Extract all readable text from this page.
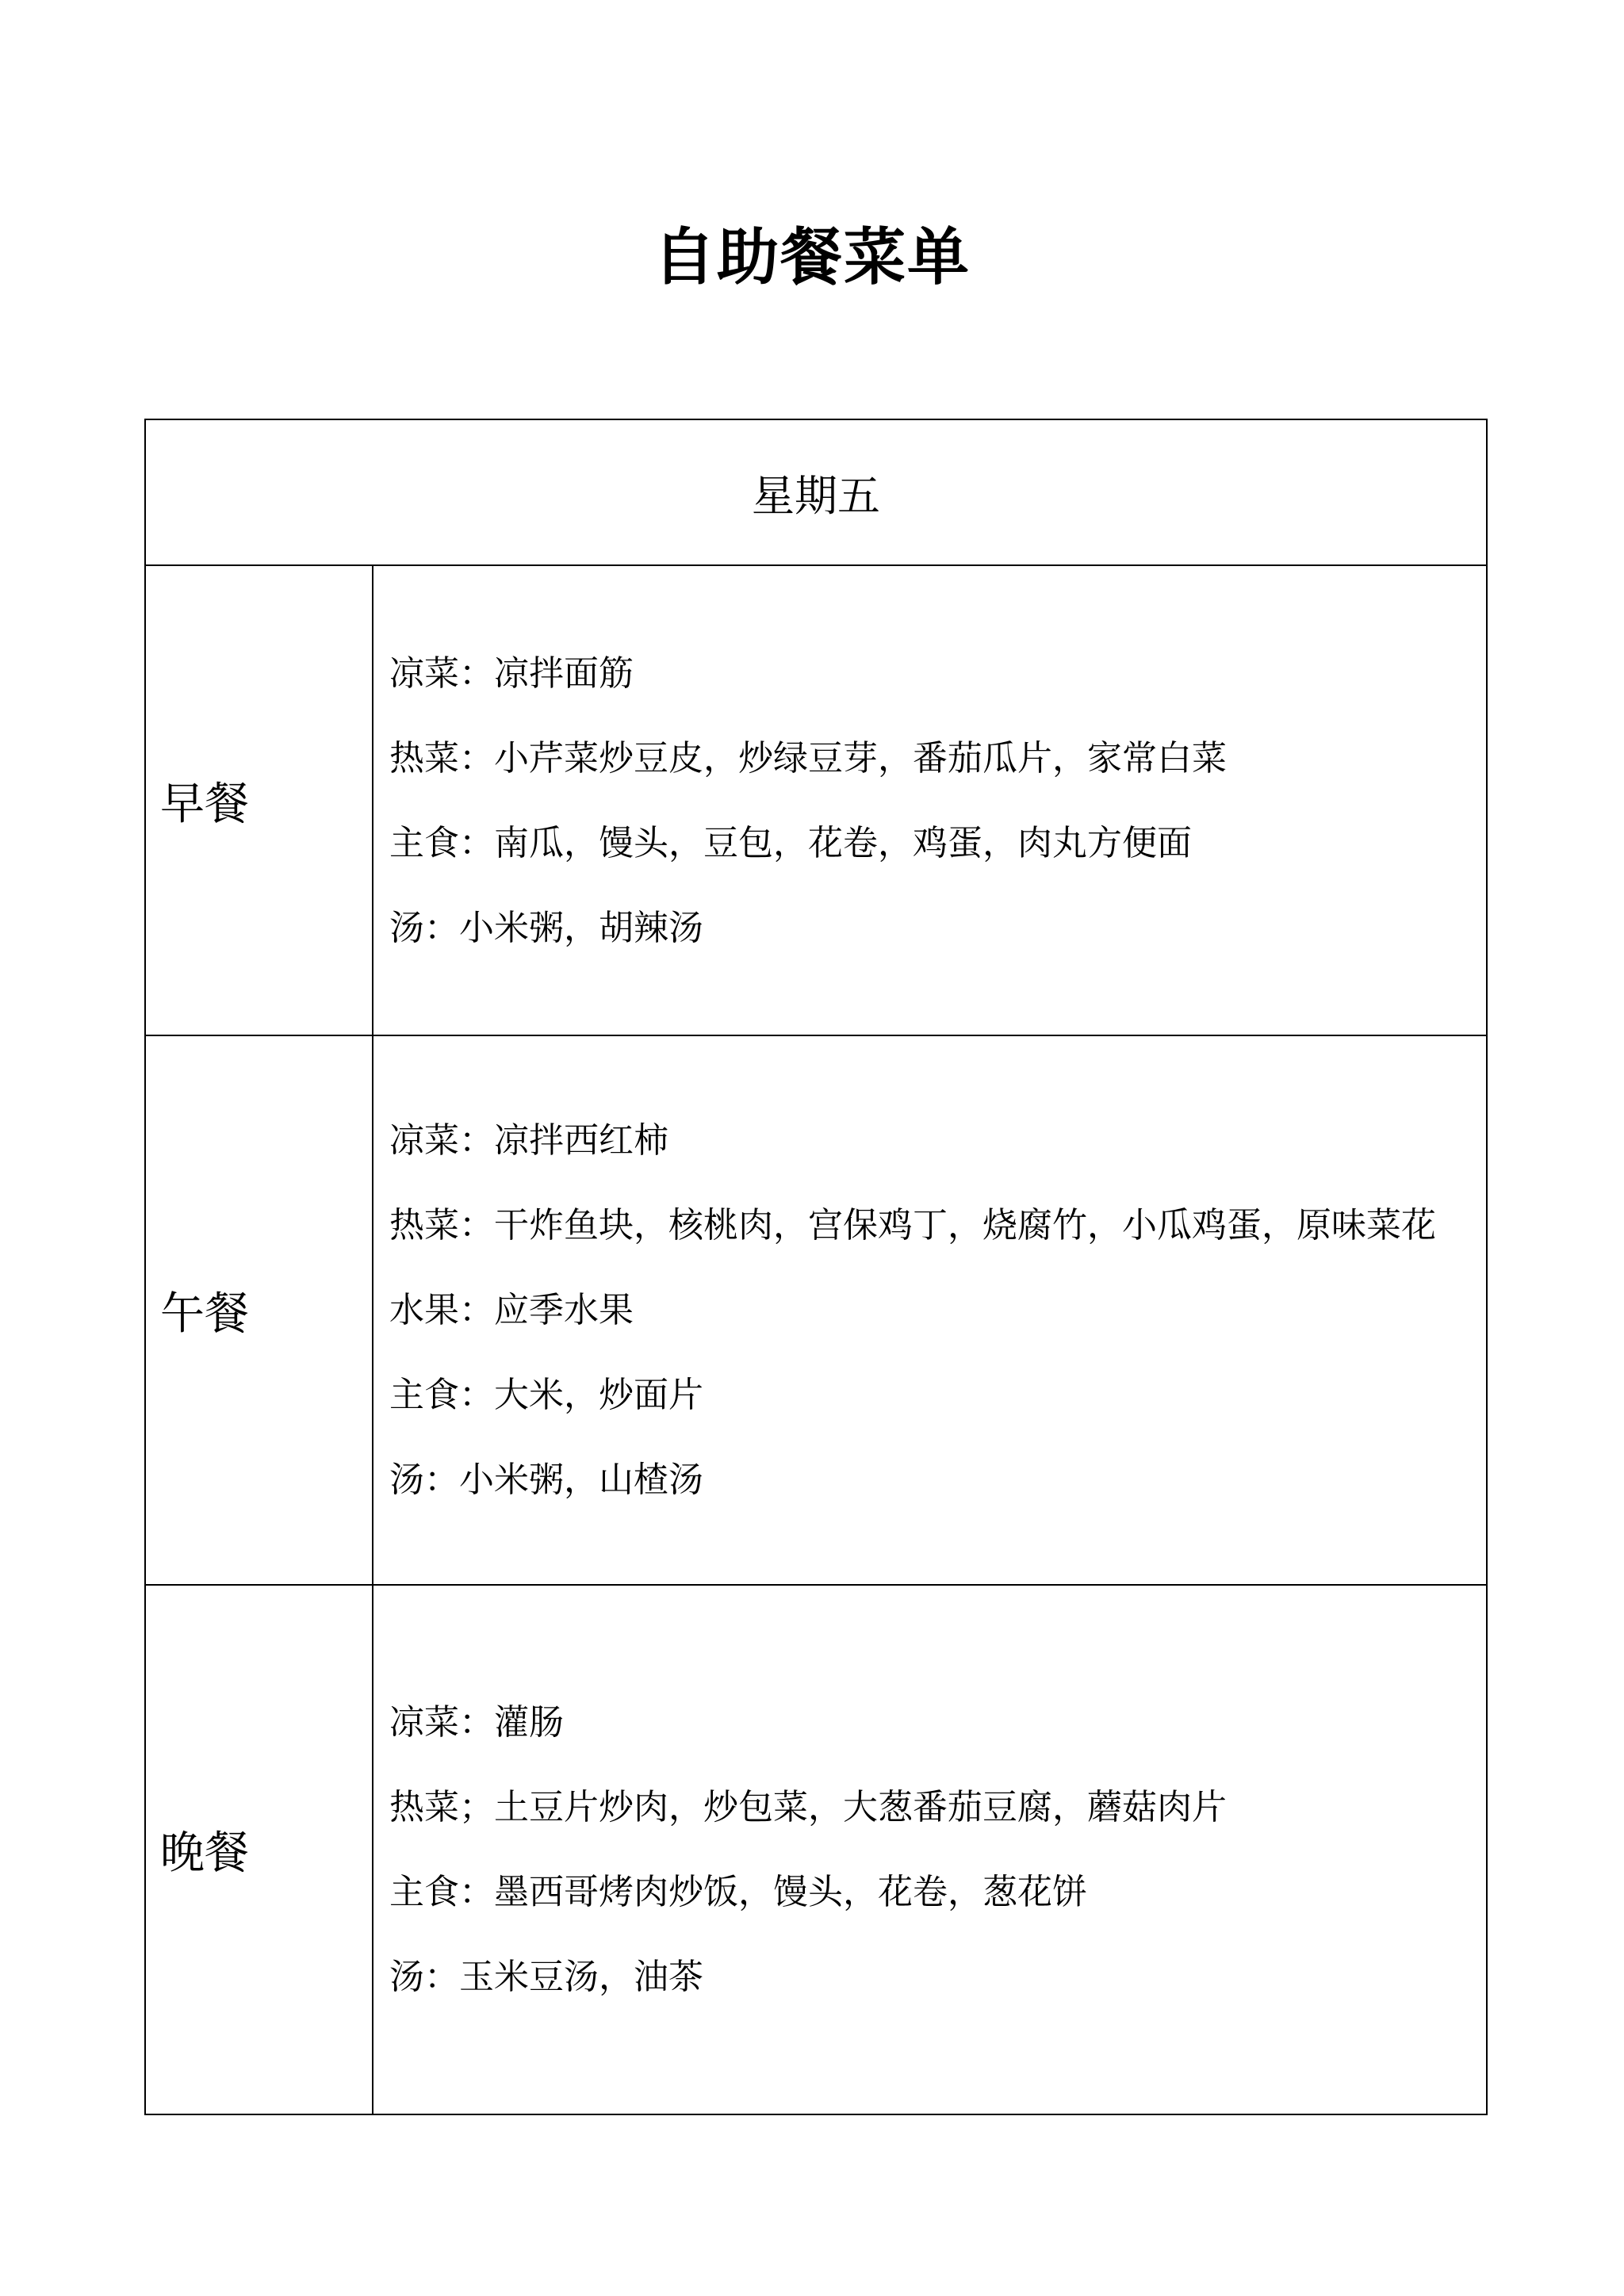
自助餐菜单
星期五	
早餐	凉菜：凉拌面筋
热菜：小芹菜炒豆皮，炒绿豆芽，番茄瓜片，家常白菜
主食：南瓜，馒头，豆包，花卷，鸡蛋，肉丸方便面
汤：小米粥，胡辣汤

午餐	凉菜：凉拌西红柿
热菜：干炸鱼块，核桃肉，宫保鸡丁，烧腐竹，小瓜鸡蛋，原味菜花
水果：应季水果
主食：大米，炒面片
汤：小米粥，山楂汤

晚餐	凉菜：灌肠
热菜；土豆片炒肉，炒包菜，大葱番茄豆腐，蘑菇肉片
主食：墨西哥烤肉炒饭，馒头，花卷，葱花饼
汤：玉米豆汤，油茶
